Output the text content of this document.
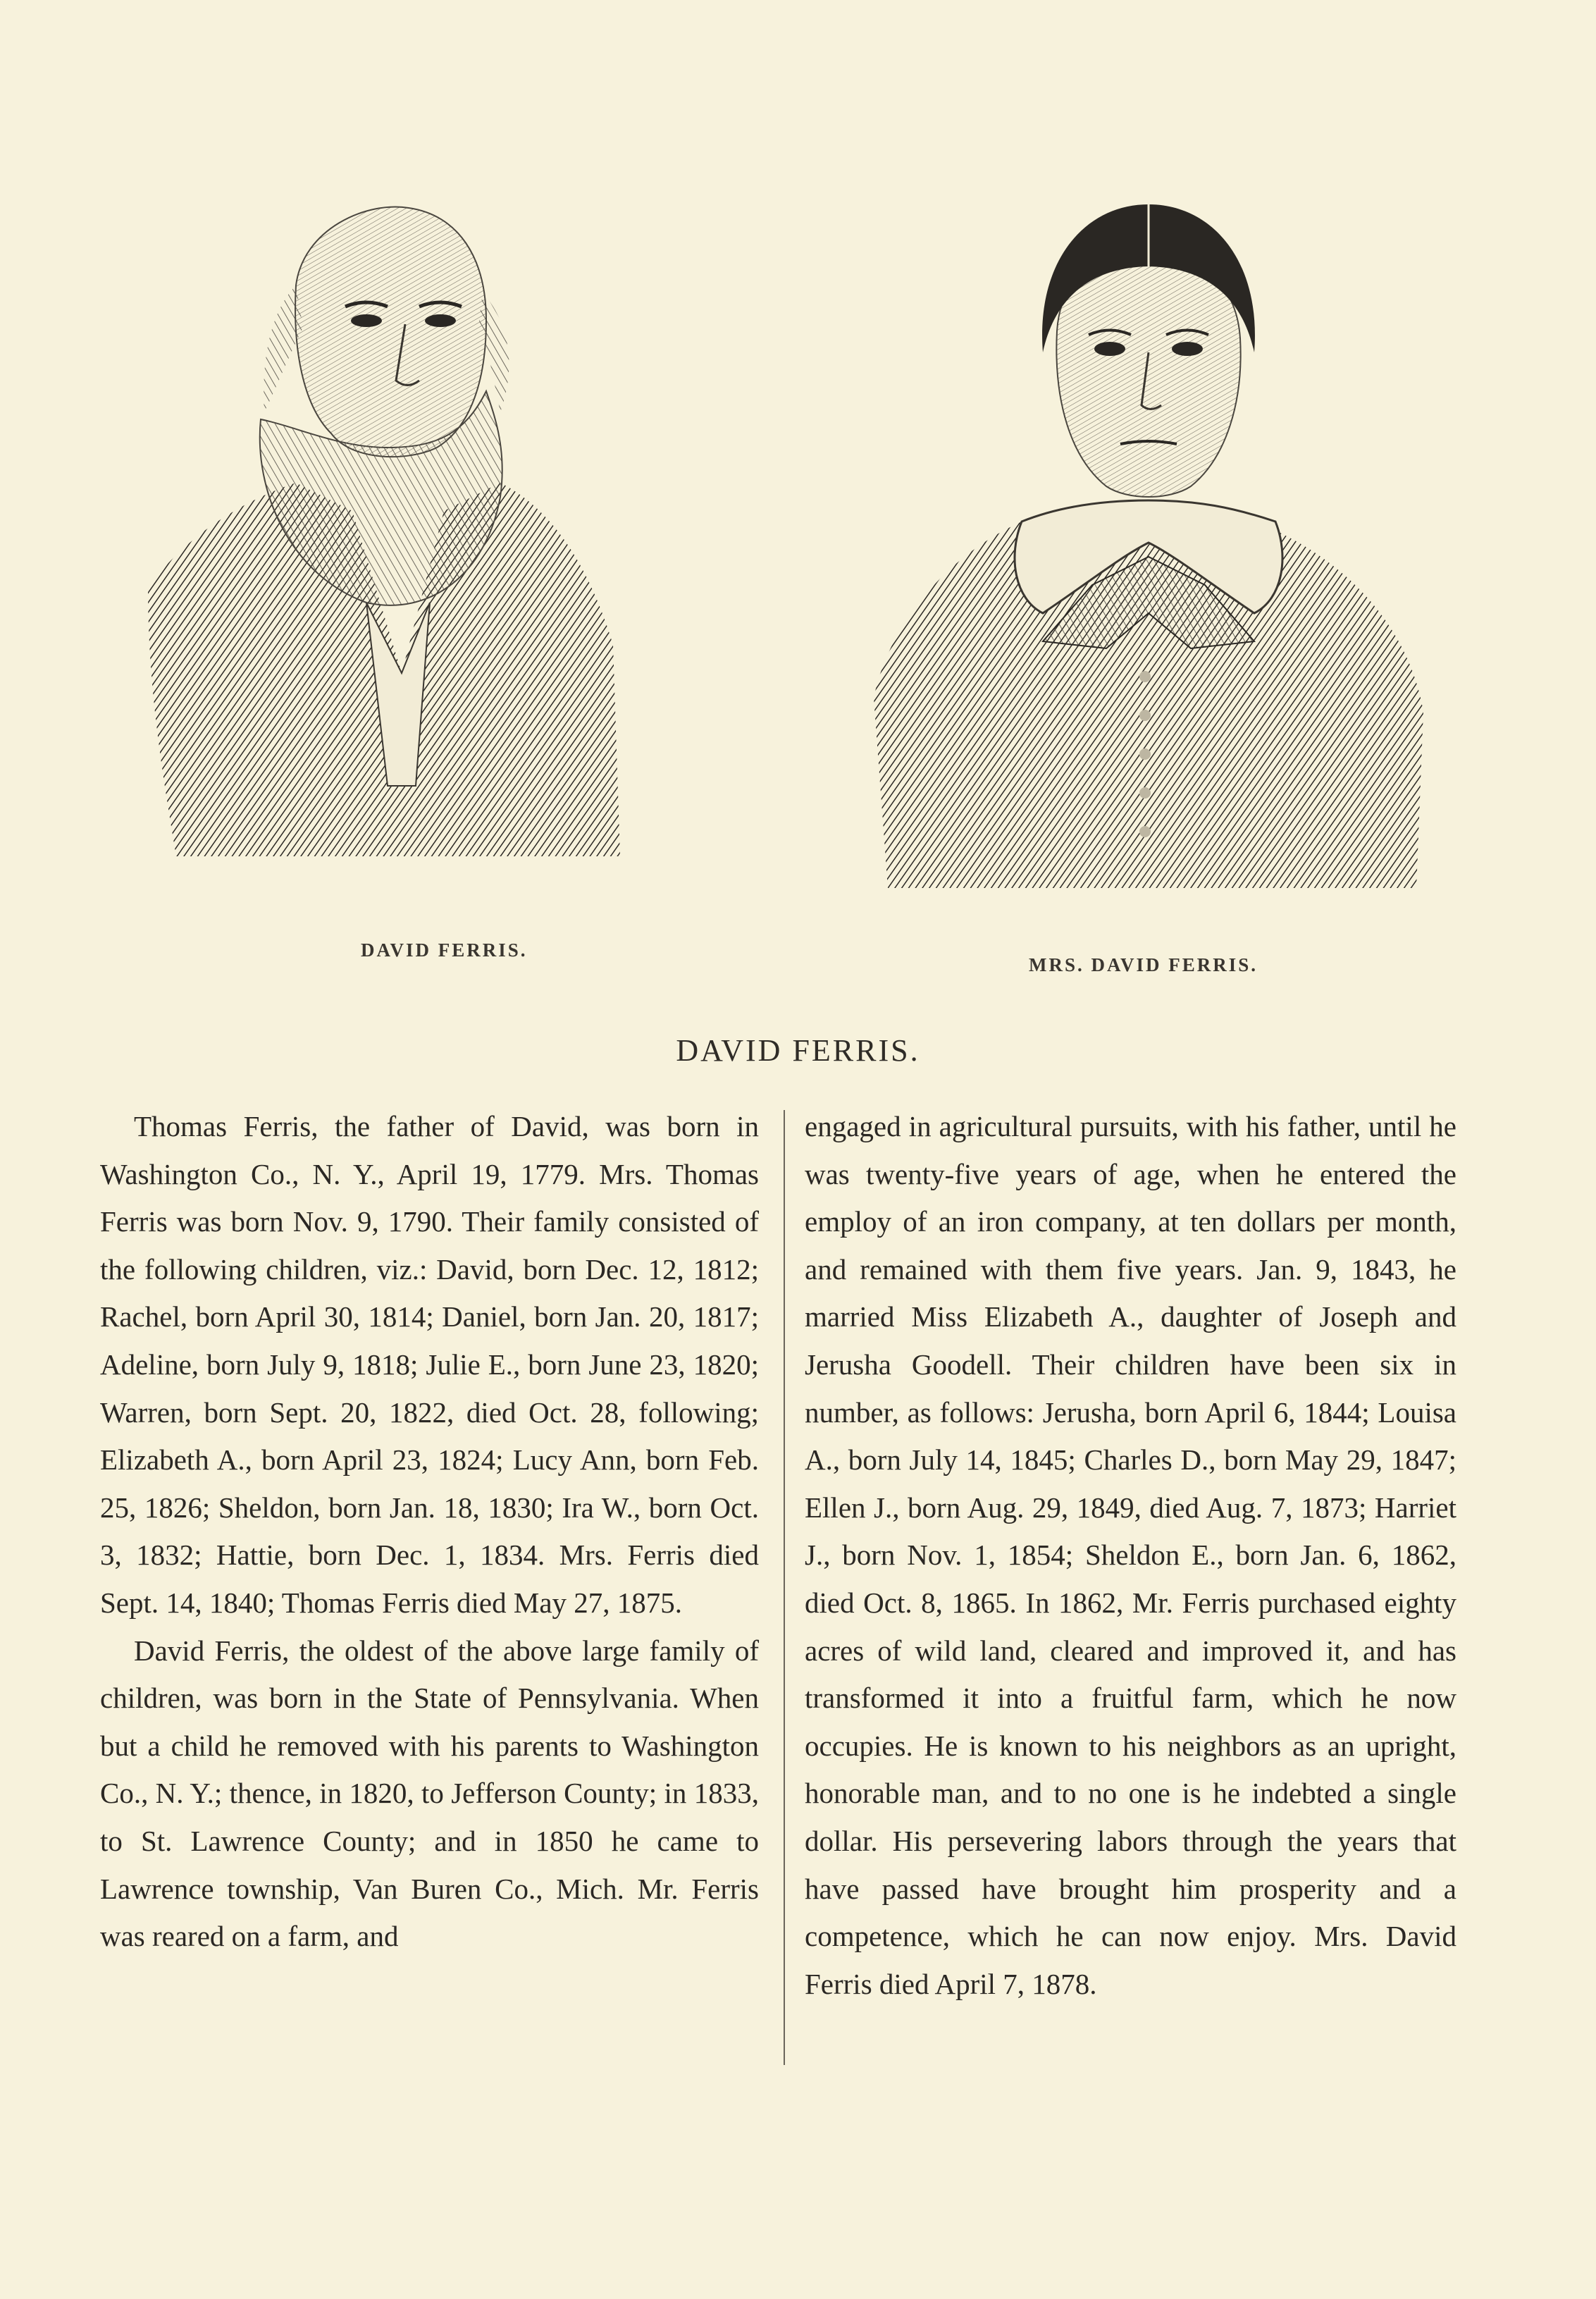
DAVID FERRIS.
MRS. DAVID FERRIS.
DAVID FERRIS.

Thomas Ferris, the father of David, was born in Washington Co., N. Y., April 19, 1779. Mrs. Thomas Ferris was born Nov. 9, 1790. Their family consisted of the following children, viz.: David, born Dec. 12, 1812; Rachel, born April 30, 1814; Daniel, born Jan. 20, 1817; Adeline, born July 9, 1818; Julie E., born June 23, 1820; Warren, born Sept. 20, 1822, died Oct. 28, following; Elizabeth A., born April 23, 1824; Lucy Ann, born Feb. 25, 1826; Sheldon, born Jan. 18, 1830; Ira W., born Oct. 3, 1832; Hattie, born Dec. 1, 1834. Mrs. Ferris died Sept. 14, 1840; Thomas Ferris died May 27, 1875.

David Ferris, the oldest of the above large family of children, was born in the State of Pennsylvania. When but a child he removed with his parents to Washington Co., N. Y.; thence, in 1820, to Jefferson County; in 1833, to St. Lawrence County; and in 1850 he came to Lawrence township, Van Buren Co., Mich. Mr. Ferris was reared on a farm, and

engaged in agricultural pursuits, with his father, until he was twenty-five years of age, when he entered the employ of an iron company, at ten dollars per month, and remained with them five years. Jan. 9, 1843, he married Miss Elizabeth A., daughter of Joseph and Jerusha Goodell. Their children have been six in number, as follows: Jerusha, born April 6, 1844; Louisa A., born July 14, 1845; Charles D., born May 29, 1847; Ellen J., born Aug. 29, 1849, died Aug. 7, 1873; Harriet J., born Nov. 1, 1854; Sheldon E., born Jan. 6, 1862, died Oct. 8, 1865. In 1862, Mr. Ferris purchased eighty acres of wild land, cleared and improved it, and has transformed it into a fruitful farm, which he now occupies. He is known to his neighbors as an upright, honorable man, and to no one is he indebted a single dollar. His persevering labors through the years that have passed have brought him prosperity and a competence, which he can now enjoy. Mrs. David Ferris died April 7, 1878.
